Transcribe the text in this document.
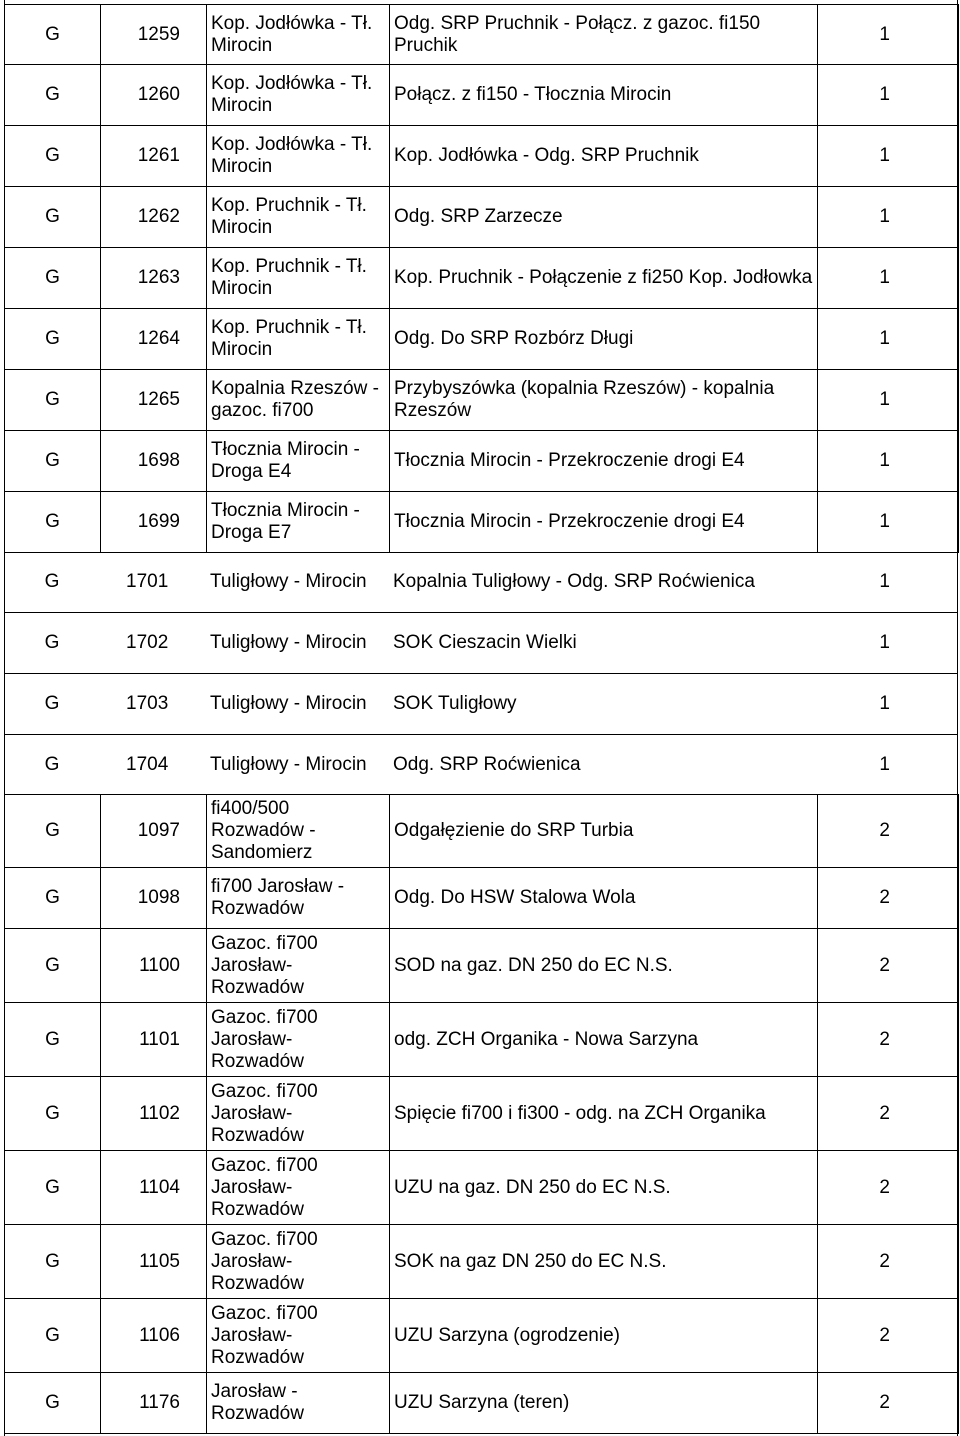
G	1259	Kop. Jodłówka - Tł. Mirocin	Odg. SRP Pruchnik - Połącz. z gazoc. fi150 Pruchik	1
G	1260	Kop. Jodłówka - Tł. Mirocin	Połącz. z fi150 - Tłocznia Mirocin	1
G	1261	Kop. Jodłówka - Tł. Mirocin	Kop. Jodłówka - Odg. SRP Pruchnik	1
G	1262	Kop. Pruchnik - Tł. Mirocin	Odg. SRP Zarzecze	1
G	1263	Kop. Pruchnik - Tł. Mirocin	Kop. Pruchnik - Połączenie z fi250 Kop. Jodłowka	1
G	1264	Kop. Pruchnik - Tł. Mirocin	Odg. Do SRP Rozbórz Długi	1
G	1265	Kopalnia Rzeszów - gazoc. fi700	Przybyszówka (kopalnia Rzeszów) - kopalnia Rzeszów	1
G	1698	Tłocznia Mirocin - Droga E4	Tłocznia Mirocin - Przekroczenie drogi E4	1
G	1699	Tłocznia Mirocin - Droga E7	Tłocznia Mirocin - Przekroczenie drogi E4	1
G	1701	Tuligłowy - Mirocin	Kopalnia Tuligłowy - Odg. SRP Roćwienica	1
G	1702	Tuligłowy - Mirocin	SOK Cieszacin Wielki	1
G	1703	Tuligłowy - Mirocin	SOK Tuligłowy	1
G	1704	Tuligłowy - Mirocin	Odg. SRP Roćwienica	1
G	1097	fi400/500 Rozwadów - Sandomierz	Odgałęzienie do SRP Turbia	2
G	1098	fi700 Jarosław - Rozwadów	Odg. Do HSW Stalowa Wola	2
G	1100	Gazoc. fi700 Jarosław- Rozwadów	SOD na gaz. DN 250 do EC N.S.	2
G	1101	Gazoc. fi700 Jarosław- Rozwadów	odg. ZCH Organika - Nowa Sarzyna	2
G	1102	Gazoc. fi700 Jarosław- Rozwadów	Spięcie fi700 i fi300 - odg. na ZCH Organika	2
G	1104	Gazoc. fi700 Jarosław- Rozwadów	UZU na gaz. DN 250 do EC N.S.	2
G	1105	Gazoc. fi700 Jarosław- Rozwadów	SOK na gaz DN 250 do EC N.S.	2
G	1106	Gazoc. fi700 Jarosław- Rozwadów	UZU Sarzyna (ogrodzenie)	2
G	1176	Jarosław - Rozwadów	UZU Sarzyna (teren)	2
